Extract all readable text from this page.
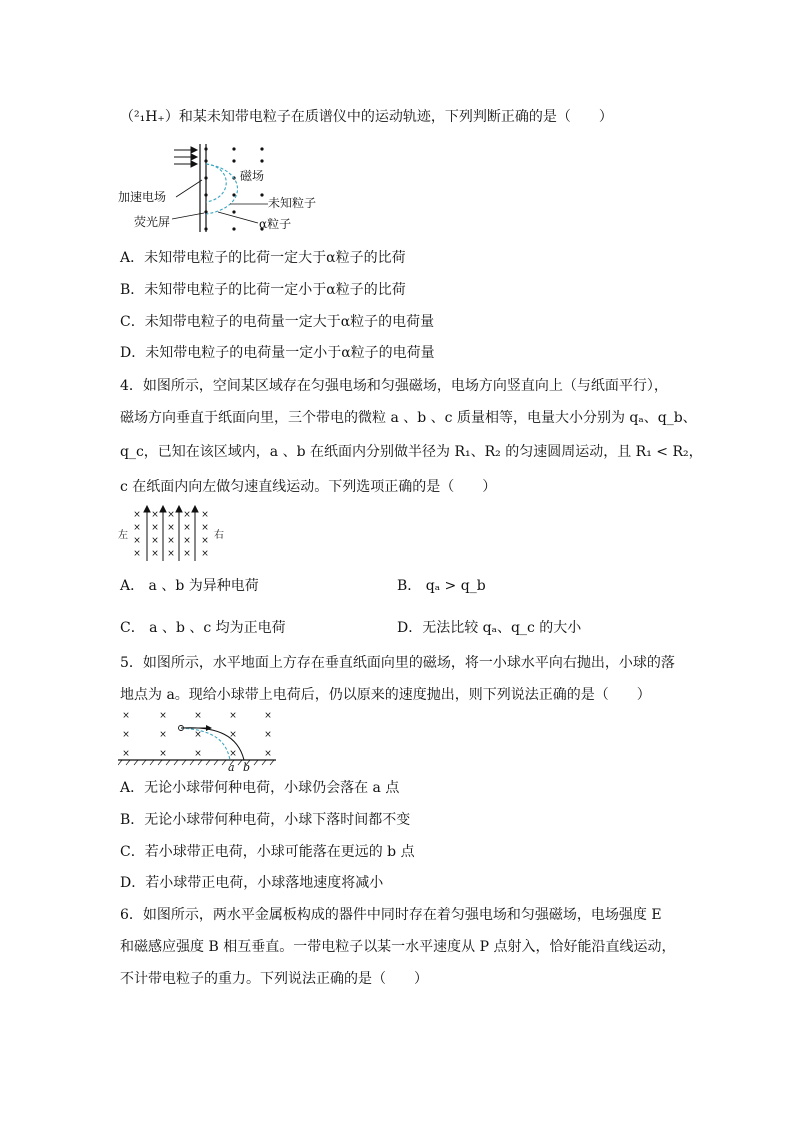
（²₁H₊）和某未知带电粒子在质谱仪中的运动轨迹，下列判断正确的是（　　）
加速电场
荧光屏
磁场
未知粒子
α粒子
A．未知带电粒子的比荷一定大于α粒子的比荷
B．未知带电粒子的比荷一定小于α粒子的比荷
C．未知带电粒子的电荷量一定大于α粒子的电荷量
D．未知带电粒子的电荷量一定小于α粒子的电荷量
4．如图所示，空间某区域存在匀强电场和匀强磁场，电场方向竖直向上（与纸面平行），
磁场方向垂直于纸面向里，三个带电的微粒 a 、b 、c 质量相等，电量大小分别为 qₐ、q_b、
q_c，已知在该区域内，a 、b 在纸面内分别做半径为 R₁、R₂ 的匀速圆周运动，且 R₁ < R₂，
c 在纸面内向左做匀速直线运动。下列选项正确的是（　　）
× × × × ×
× × × × ×
× × × × ×
× × × × ×
左	右
A． a 、b 为异种电荷	B． qₐ > q_b
C． a 、b 、c 均为正电荷	D．无法比较 qₐ、q_c 的大小
5．如图所示，水平地面上方存在垂直纸面向里的磁场，将一小球水平向右抛出，小球的落
地点为 a。现给小球带上电荷后，仍以原来的速度抛出，则下列说法正确的是（　　）
×	×	×	×	×
×	×	×	×	×
×	×	×	×	×
a b
A．无论小球带何种电荷，小球仍会落在 a 点
B．无论小球带何种电荷，小球下落时间都不变
C．若小球带正电荷，小球可能落在更远的 b 点
D．若小球带正电荷，小球落地速度将减小
6．如图所示，两水平金属板构成的器件中同时存在着匀强电场和匀强磁场，电场强度 E
和磁感应强度 B 相互垂直。一带电粒子以某一水平速度从 P 点射入，恰好能沿直线运动，
不计带电粒子的重力。下列说法正确的是（　　）
